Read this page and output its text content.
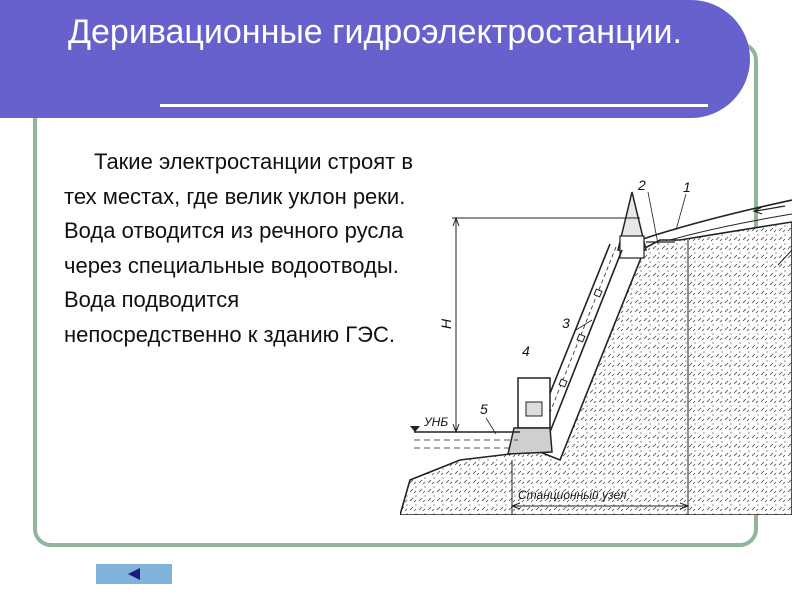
Деривационные гидроэлектростанции.

Такие электростанции строят в тех местах, где велик уклон реки. Вода отводится из речного русла через специальные водоотводы. Вода подводится непосредственно к зданию ГЭС.

1
2
3
4
5
H
УНБ
Станционный узел
